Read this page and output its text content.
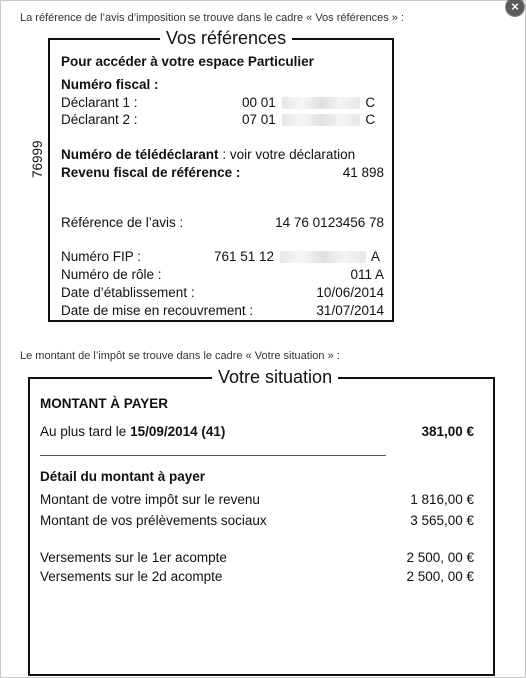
×
La référence de l’avis d’imposition se trouve dans le cadre « Vos références » :
76999
Vos références
Pour accéder à votre espace Particulier
Numéro fiscal :
Déclarant 1 :	00 01	C
Déclarant 2 :	07 01	C
Numéro de télédéclarant : voir votre déclaration
Revenu fiscal de référence :	41 898
Référence de l’avis :	14 76 0123456 78
Numéro FIP :	761 51 12	A
Numéro de rôle :	011 A
Date d’établissement :	10/06/2014
Date de mise en recouvrement :	31/07/2014
Le montant de l’impôt se trouve dans le cadre « Votre situation » :
Votre situation
MONTANT À PAYER
Au plus tard le 15/09/2014 (41)	381,00 €
Détail du montant à payer
Montant de votre impôt sur le revenu	1 816,00 €
Montant de vos prélèvements sociaux	3 565,00 €
Versements sur le 1er acompte	2 500, 00 €
Versements sur le 2d acompte	2 500, 00 €
